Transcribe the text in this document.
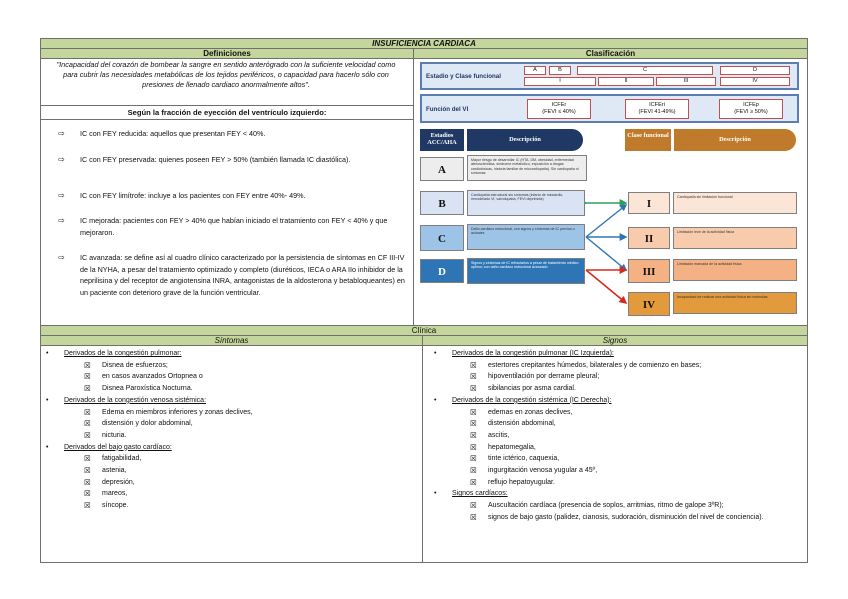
INSUFICIENCIA CARDIACA
Definiciones	Clasificación
"Incapacidad del corazón de bombear la sangre en sentido anterógrado con la suficiente velocidad como para cubrir las necesidades metabólicas de los tejidos periféricos, o capacidad para hacerlo sólo con presiones de llenado cardiaco anormalmente altos".
Según la fracción de eyección del ventrículo izquierdo:
⇨ IC con FEY reducida: aquellos que presentan FEY < 40%.
⇨ IC con FEY preservada: quienes poseen FEY > 50% (también llamada IC diastólica).
⇨ IC con FEY limítrofe: incluye a los pacientes con FEY entre 40%- 49%.
⇨ IC mejorada: pacientes con FEY > 40% que habían iniciado el tratamiento con FEY < 40% y que mejoraron.
⇨ IC avanzada: se define así al cuadro clínico caracterizado por la persistencia de síntomas en CF III-IV de la NYHA, a pesar del tratamiento optimizado y completo (diuréticos, IECA o ARA IIo inhibidor de la neprilisina y del receptor de angiotensina INRA, antagonistas de la aldosterona y betabloqueantes) en un paciente con deterioro grave de la función ventricular.
Estadio y Clase funcional
A	B	C	D
I	II	III	IV
Función del VI
ICFEr
(FEVI ≤ 40%)
ICFEri
(FEVI 41-49%)
ICFEp
(FEVI ≥ 50%)
Estadios ACC/AHA	Descripción
Clase funcional
Descripción
A
Mayor riesgo de desarrollar IC (HTA, DM, obesidad, enfermedad aterosclerótica, síndrome metabólico, exposición a drogas cardiotóxicas, historia familiar de miocardiopatía). Sin cardiopatía ni síntomas
B
Cardiopatía estructural sin síntomas (infarto de miocardio, remodelado VI, valvulopatía, FEVI deprimida)
C
Daño cardiaco estructural, con signos y síntomas de IC previos o actuales
D
Signos y síntomas de IC refractarios a pesar de tratamiento médico óptimo; con daño cardiaco estructural avanzado
I
Cardiopatía sin limitación funcional
II
Limitación leve de la actividad física
III
Limitación marcada de la actividad física
IV
Incapacidad de realizar una actividad física sin molestias
Clínica
Síntomas	Signos
• Derivados de la congestión pulmonar:
☒ Disnea de esfuerzos;
☒ en casos avanzados Ortopnea o
☒ Disnea Paroxística Nocturna.
• Derivados de la congestión venosa sistémica:
☒ Edema en miembros inferiores y zonas declives,
☒ distensión y dolor abdominal,
☒ nicturia.
• Derivados del bajo gasto cardíaco:
☒ fatigabilidad,
☒ astenia,
☒ depresión,
☒ mareos,
☒ síncope.
• Derivados de la congestión pulmonar (IC Izquierda):
☒ estertores crepitantes húmedos, bilaterales y de comienzo en bases;
☒ hipoventilación por derrame pleural;
☒ sibilancias por asma cardial.
• Derivados de la congestión sistémica (IC Derecha):
☒ edemas en zonas declives,
☒ distensión abdominal,
☒ ascitis,
☒ hepatomegalia,
☒ tinte ictérico, caquexia,
☒ ingurgitación venosa yugular a 45º,
☒ reflujo hepatoyugular.
• Signos cardíacos:
☒ Auscultación cardíaca (presencia de soplos, arritmias, ritmo de galope 3ºR);
☒ signos de bajo gasto (palidez, cianosis, sudoración, disminución del nivel de conciencia).
